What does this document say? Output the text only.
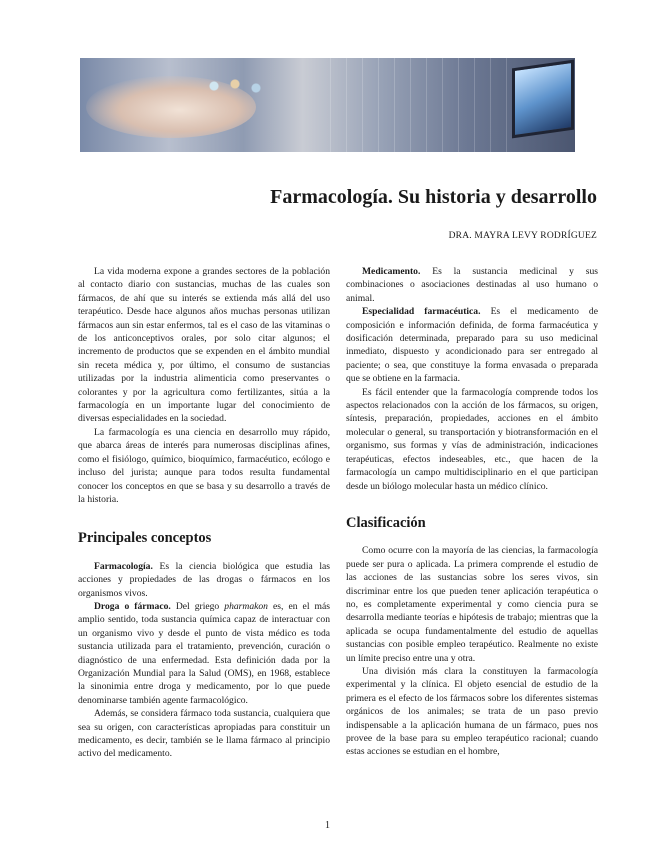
Farmacología. Su historia y desarrollo
DRA. MAYRA LEVY RODRÍGUEZ

La vida moderna expone a grandes sectores de la población al contacto diario con sustancias, muchas de las cuales son fármacos, de ahí que su interés se extienda más allá del uso terapéutico. Desde hace algunos años muchas personas utilizan fármacos aun sin estar enfermos, tal es el caso de las vitaminas o de los anticonceptivos orales, por solo citar algunos; el incremento de productos que se expenden en el ámbito mundial sin receta médica y, por último, el consumo de sustancias utilizadas por la industria alimenticia como preservantes o colorantes y por la agricultura como fertilizantes, sitúa a la farmacología en un importante lugar del conocimiento de diversas especialidades en la sociedad.

La farmacología es una ciencia en desarrollo muy rápido, que abarca áreas de interés para numerosas disciplinas afines, como el fisiólogo, químico, bioquímico, farmacéutico, ecólogo e incluso del jurista; aunque para todos resulta fundamental conocer los conceptos en que se basa y su desarrollo a través de la historia.

Principales conceptos

Farmacología. Es la ciencia biológica que estudia las acciones y propiedades de las drogas o fármacos en los organismos vivos.

Droga o fármaco. Del griego pharmakon es, en el más amplio sentido, toda sustancia química capaz de interactuar con un organismo vivo y desde el punto de vista médico es toda sustancia utilizada para el tratamiento, prevención, curación o diagnóstico de una enfermedad. Esta definición dada por la Organización Mundial para la Salud (OMS), en 1968, establece la sinonimia entre droga y medicamento, por lo que puede denominarse también agente farmacológico.

Además, se considera fármaco toda sustancia, cualquiera que sea su origen, con características apropiadas para constituir un medicamento, es decir, también se le llama fármaco al principio activo del medicamento.

Medicamento. Es la sustancia medicinal y sus combinaciones o asociaciones destinadas al uso humano o animal.

Especialidad farmacéutica. Es el medicamento de composición e información definida, de forma farmacéutica y dosificación determinada, preparado para su uso medicinal inmediato, dispuesto y acondicionado para ser entregado al paciente; o sea, que constituye la forma envasada o preparada que se obtiene en la farmacia.

Es fácil entender que la farmacología comprende todos los aspectos relacionados con la acción de los fármacos, su origen, síntesis, preparación, propiedades, acciones en el ámbito molecular o general, su transportación y biotransformación en el organismo, sus formas y vías de administración, indicaciones terapéuticas, efectos indeseables, etc., que hacen de la farmacología un campo multidisciplinario en el que participan desde un biólogo molecular hasta un médico clínico.

Clasificación

Como ocurre con la mayoría de las ciencias, la farmacología puede ser pura o aplicada. La primera comprende el estudio de las acciones de las sustancias sobre los seres vivos, sin discriminar entre los que pueden tener aplicación terapéutica o no, es completamente experimental y como ciencia pura se desarrolla mediante teorías e hipótesis de trabajo; mientras que la aplicada se ocupa fundamentalmente del estudio de aquellas sustancias con posible empleo terapéutico. Realmente no existe un límite preciso entre una y otra.

Una división más clara la constituyen la farmacología experimental y la clínica. El objeto esencial de estudio de la primera es el efecto de los fármacos sobre los diferentes sistemas orgánicos de los animales; se trata de un paso previo indispensable a la aplicación humana de un fármaco, pues nos provee de la base para su empleo terapéutico racional; cuando estas acciones se estudian en el hombre,

1
